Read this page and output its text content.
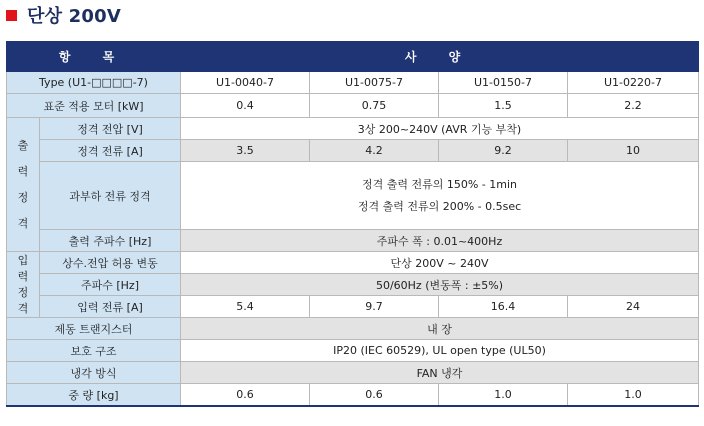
단상 200V
항 목		사 양			
Type (U1-□□□□-7)		U1-0040-7	U1-0075-7	U1-0150-7	U1-0220-7
표준 적용 모터 [kW]		0.4	0.75	1.5	2.2

출
력
정
격	정격 전압 [V]	3상 200~240V (AVR 기능 부착)			
	정격 전류 [A]	3.5	4.2	9.2	10
	과부하 전류 정격	정격 출력 전류의 150% - 1min
정격 출력 전류의 200% - 0.5sec			

	출력 주파수 [Hz]	주파수 폭 : 0.01~400Hz			

입
력
정
격	상수.전압 허용 변동	단상 200V ~ 240V			
	주파수 [Hz]	50/60Hz (변동폭 : ±5%)			
	입력 전류 [A]	5.4	9.7	16.4	24
제동 트랜지스터		내 장			
보호 구조		IP20 (IEC 60529), UL open type (UL50)			
냉각 방식		FAN 냉각			
중 량 [kg]		0.6	0.6	1.0	1.0
